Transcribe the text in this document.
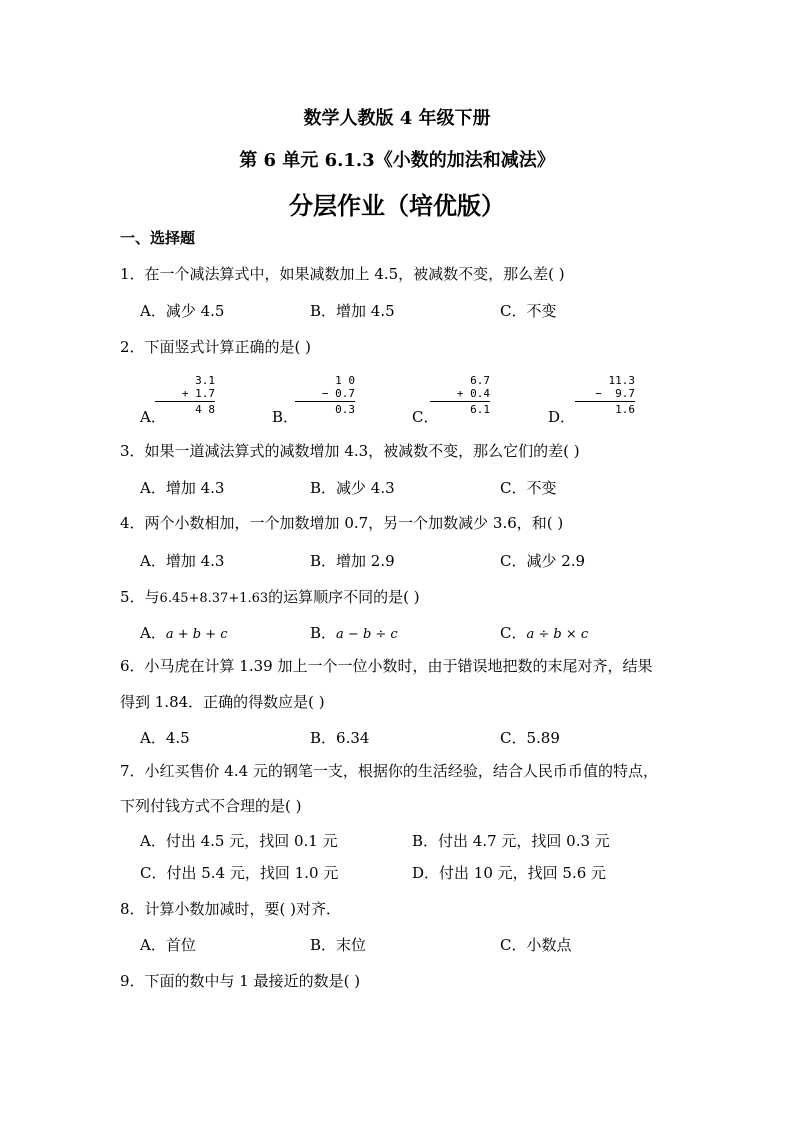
数学人教版 4 年级下册
第 6 单元 6.1.3《小数的加法和减法》
分层作业（培优版）
一、选择题
1．在一个减法算式中，如果减数加上 4.5，被减数不变，那么差( )
A．减少 4.5	B．增加 4.5	C．不变
2．下面竖式计算正确的是( )
A．
3.1
+ 1.7
4 8	B．
1 0
− 0.7
0.3	C．
6.7
+ 0.4
6.1	D．
11.3
−  9.7
1.6
3．如果一道减法算式的减数增加 4.3，被减数不变，那么它们的差( )
A．增加 4.3	B．减少 4.3	C．不变
4．两个小数相加，一个加数增加 0.7，另一个加数减少 3.6，和( )
A．增加 4.3	B．增加 2.9	C．减少 2.9
5．与6.45+8.37+1.63的运算顺序不同的是( )
A．a + b + c	B．a − b ÷ c	C．a ÷ b × c
6．小马虎在计算 1.39 加上一个一位小数时，由于错误地把数的末尾对齐，结果
得到 1.84．正确的得数应是( )
A．4.5	B．6.34	C．5.89
7．小红买售价 4.4 元的钢笔一支，根据你的生活经验，结合人民币币值的特点，
下列付钱方式不合理的是( )
A．付出 4.5 元，找回 0.1 元	B．付出 4.7 元，找回 0.3 元
C．付出 5.4 元，找回 1.0 元	D．付出 10 元，找回 5.6 元
8．计算小数加减时，要( )对齐．
A．首位	B．末位	C．小数点
9．下面的数中与 1 最接近的数是( )
